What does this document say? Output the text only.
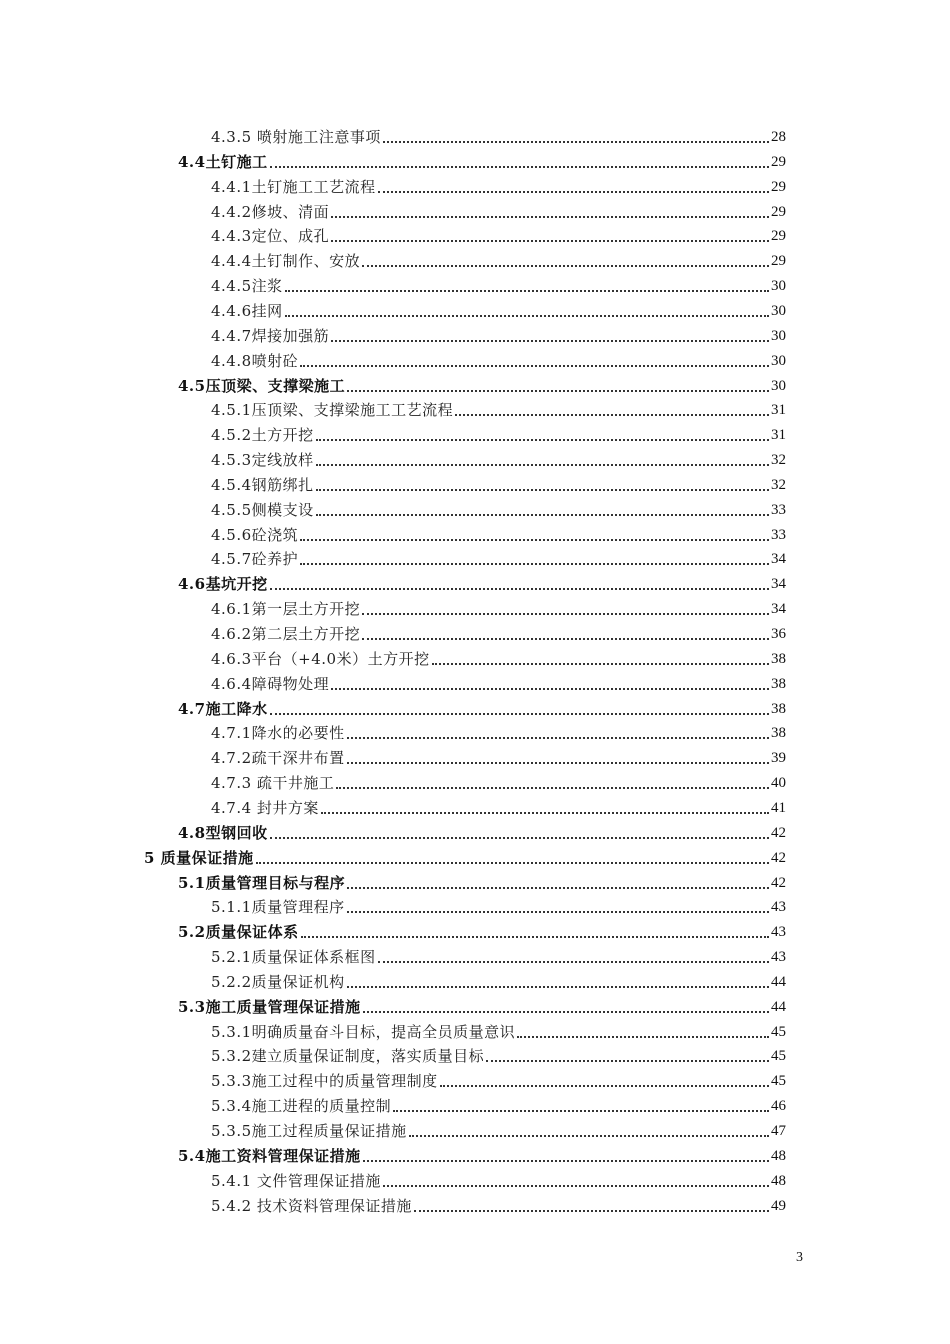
4.3.5 喷射施工注意事项	28
4.4土钉施工	29
4.4.1土钉施工工艺流程	29
4.4.2修坡、清面	29
4.4.3定位、成孔	29
4.4.4土钉制作、安放	29
4.4.5注浆	30
4.4.6挂网	30
4.4.7焊接加强筋	30
4.4.8喷射砼	30
4.5压顶梁、支撑梁施工	30
4.5.1压顶梁、支撑梁施工工艺流程	31
4.5.2土方开挖	31
4.5.3定线放样	32
4.5.4钢筋绑扎	32
4.5.5侧模支设	33
4.5.6砼浇筑	33
4.5.7砼养护	34
4.6基坑开挖	34
4.6.1第一层土方开挖	34
4.6.2第二层土方开挖	36
4.6.3平台（+4.0米）土方开挖	38
4.6.4障碍物处理	38
4.7施工降水	38
4.7.1降水的必要性	38
4.7.2疏干深井布置	39
4.7.3 疏干井施工	40
4.7.4 封井方案	41
4.8型钢回收	42
5 质量保证措施	42
5.1质量管理目标与程序	42
5.1.1质量管理程序	43
5.2质量保证体系	43
5.2.1质量保证体系框图	43
5.2.2质量保证机构	44
5.3施工质量管理保证措施	44
5.3.1明确质量奋斗目标，提高全员质量意识	45
5.3.2建立质量保证制度，落实质量目标	45
5.3.3施工过程中的质量管理制度	45
5.3.4施工进程的质量控制	46
5.3.5施工过程质量保证措施	47
5.4施工资料管理保证措施	48
5.4.1 文件管理保证措施	48
5.4.2 技术资料管理保证措施	49
3
